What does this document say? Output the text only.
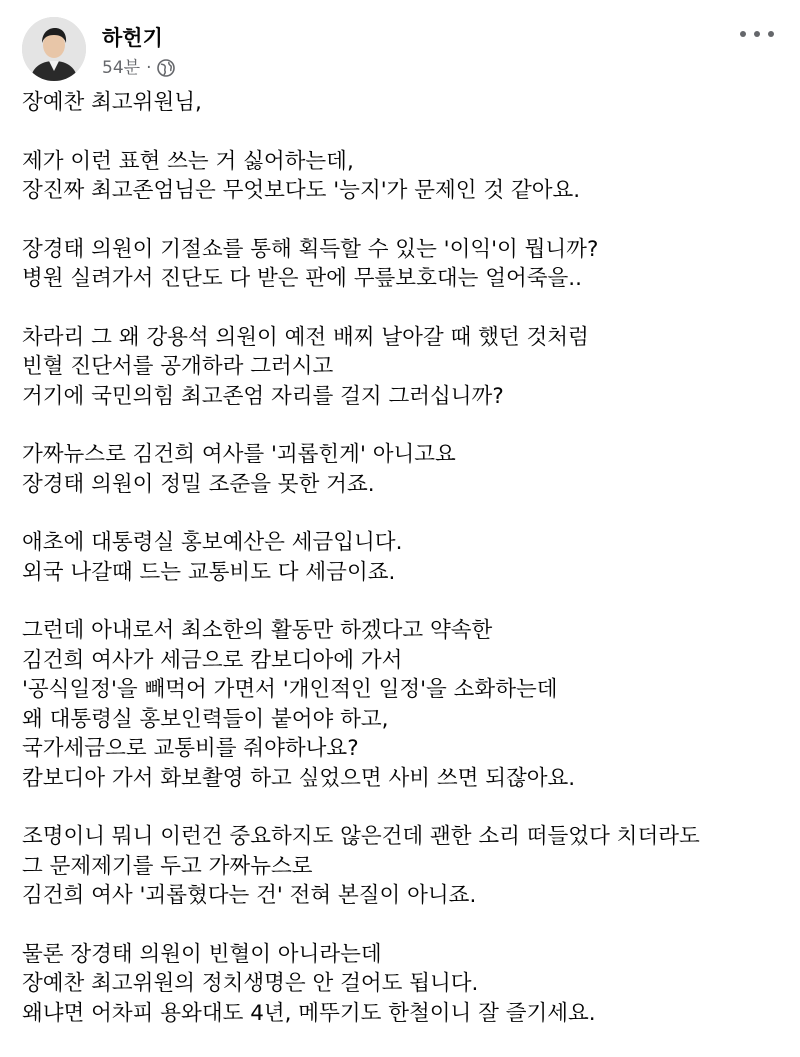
하헌기
54분 ·
장예찬 최고위원님,
제가 이런 표현 쓰는 거 싫어하는데,
장진짜 최고존엄님은 무엇보다도 '능지'가 문제인 것 같아요.
장경태 의원이 기절쇼를 통해 획득할 수 있는 '이익'이 뭡니까?
병원 실려가서 진단도 다 받은 판에 무릎보호대는 얼어죽을..
차라리 그 왜 강용석 의원이 예전 배찌 날아갈 때 했던 것처럼
빈혈 진단서를 공개하라 그러시고
거기에 국민의힘 최고존엄 자리를 걸지 그러십니까?
가짜뉴스로 김건희 여사를 '괴롭힌게' 아니고요
장경태 의원이 정밀 조준을 못한 거죠.
애초에 대통령실 홍보예산은 세금입니다.
외국 나갈때 드는 교통비도 다 세금이죠.
그런데 아내로서 최소한의 활동만 하겠다고 약속한
김건희 여사가 세금으로 캄보디아에 가서
'공식일정'을 빼먹어 가면서 '개인적인 일정'을 소화하는데
왜 대통령실 홍보인력들이 붙어야 하고,
국가세금으로 교통비를 줘야하나요?
캄보디아 가서 화보촬영 하고 싶었으면 사비 쓰면 되잖아요.
조명이니 뭐니 이런건 중요하지도 않은건데 괜한 소리 떠들었다 치더라도
그 문제제기를 두고 가짜뉴스로
김건희 여사 '괴롭혔다는 건' 전혀 본질이 아니죠.
물론 장경태 의원이 빈혈이 아니라는데
장예찬 최고위원의 정치생명은 안 걸어도 됩니다.
왜냐면 어차피 용와대도 4년, 메뚜기도 한철이니 잘 즐기세요.
